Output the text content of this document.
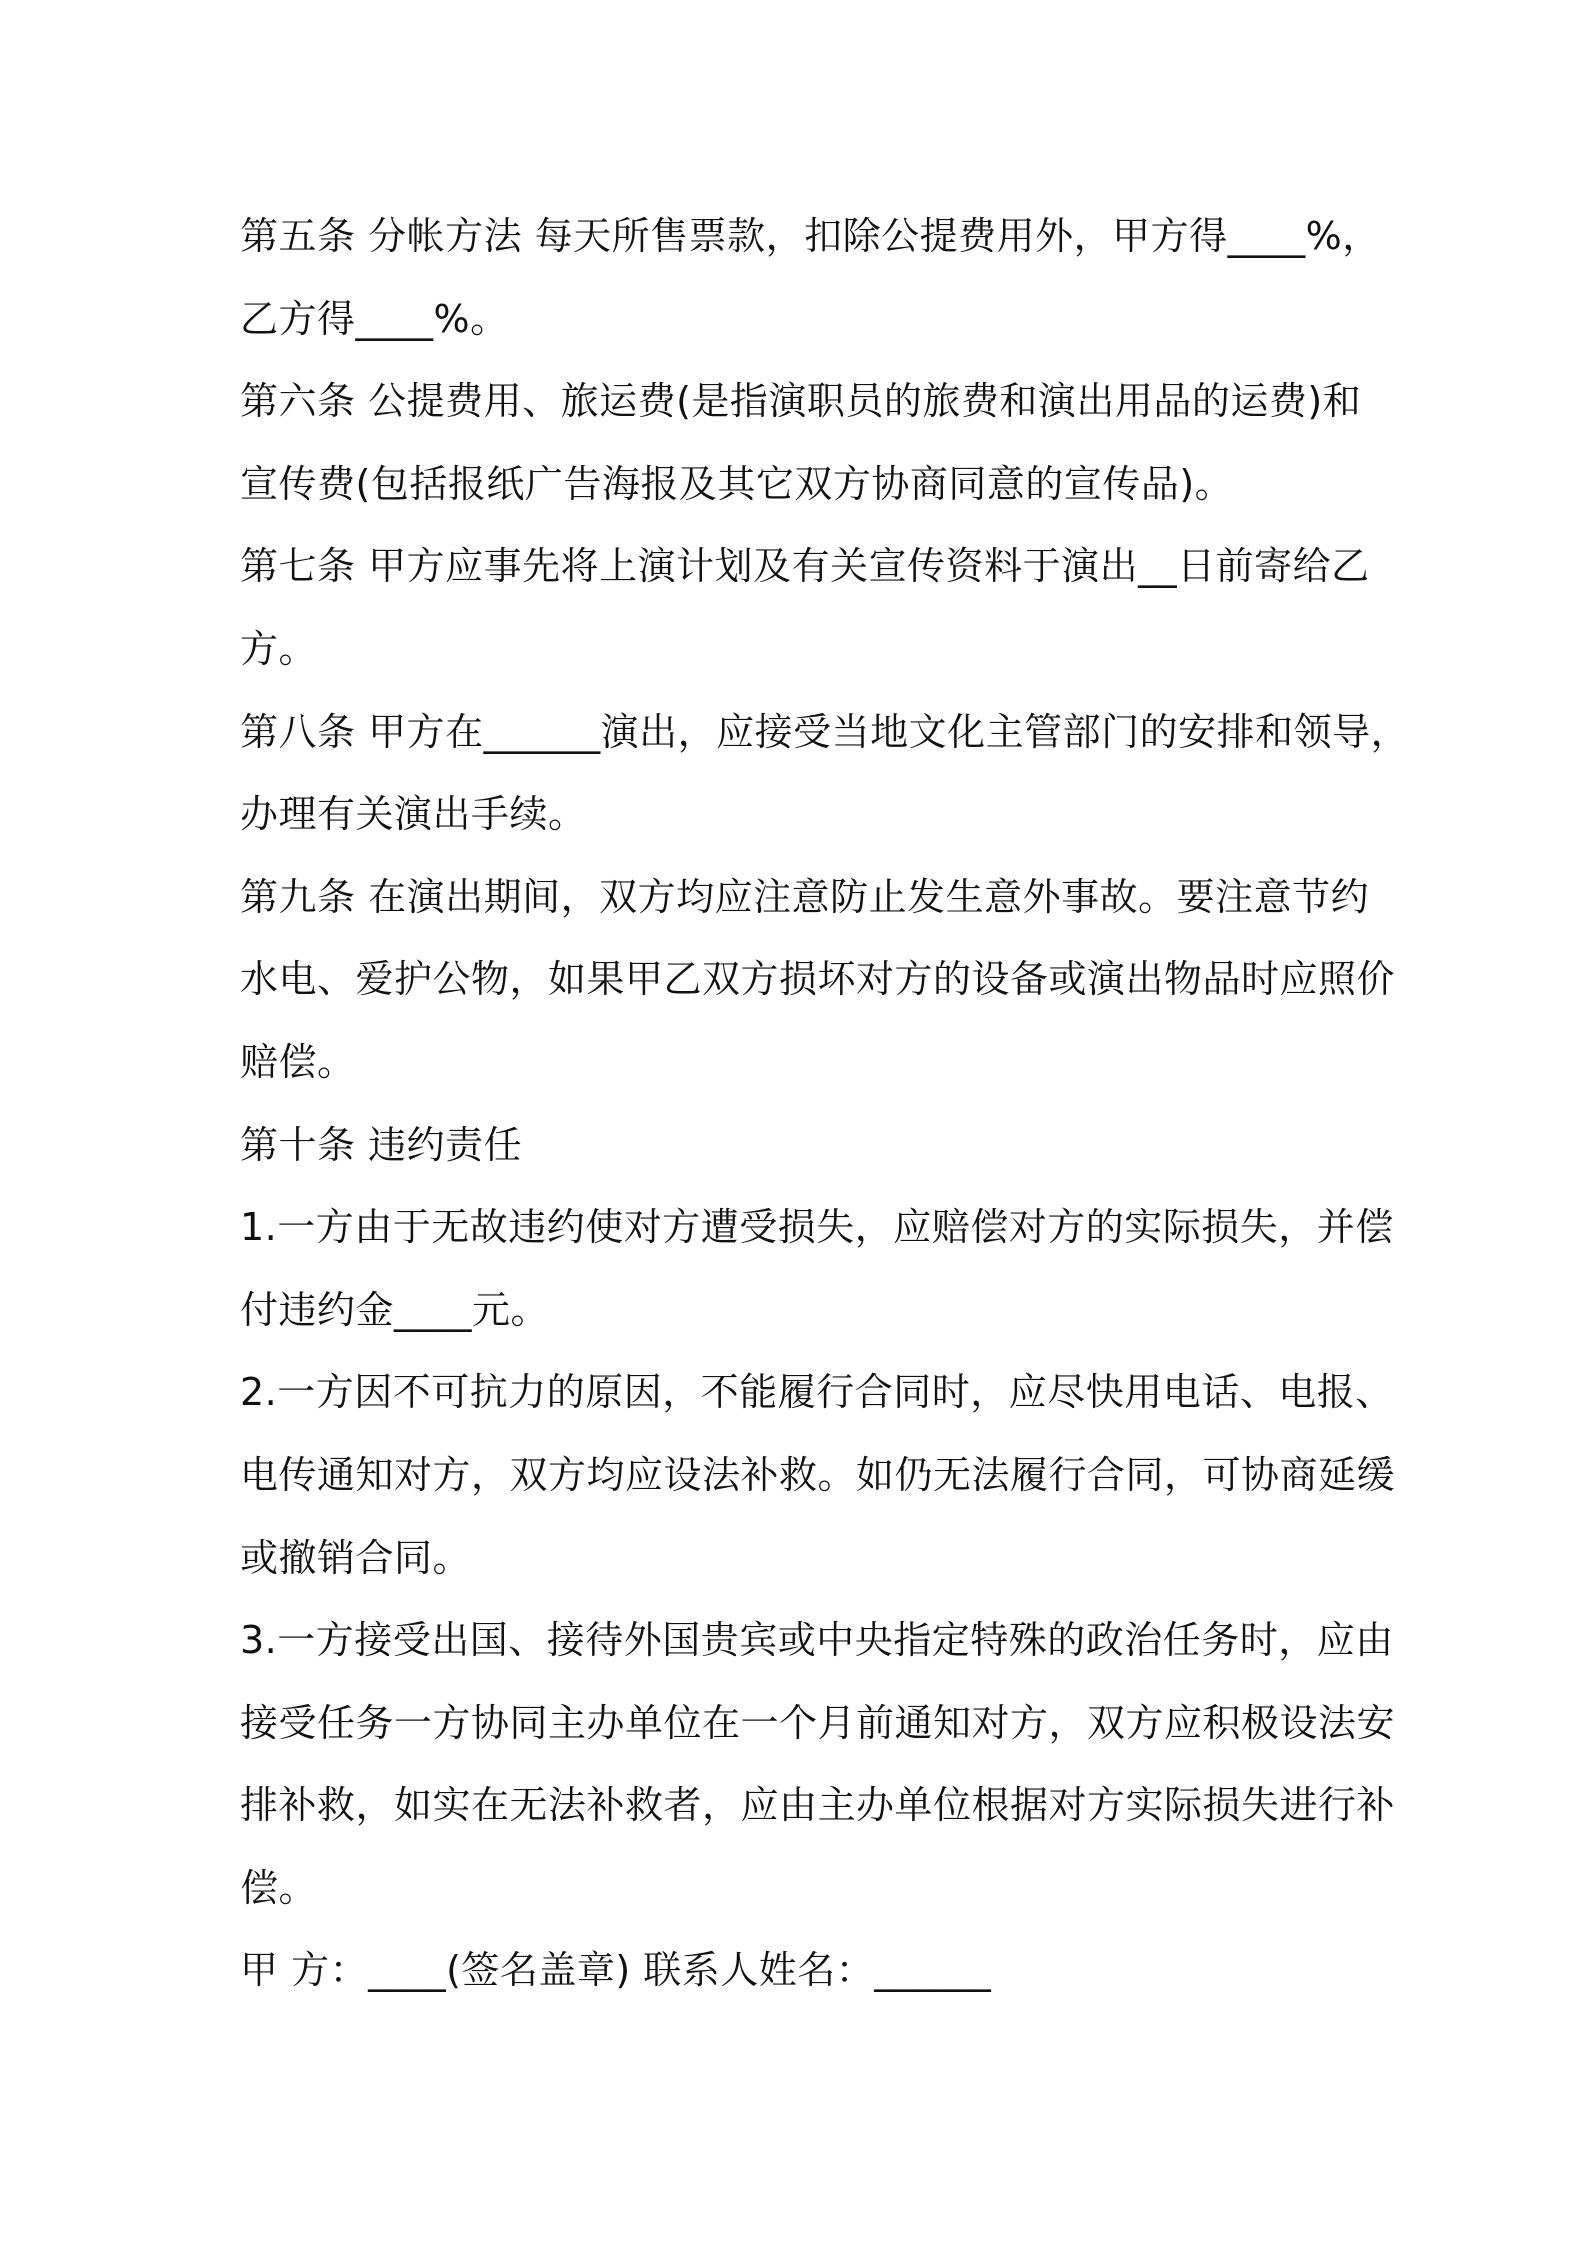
第五条 分帐方法 每天所售票款，扣除公提费用外，甲方得____%，
乙方得____%。
第六条 公提费用、旅运费(是指演职员的旅费和演出用品的运费)和
宣传费(包括报纸广告海报及其它双方协商同意的宣传品)。
第七条 甲方应事先将上演计划及有关宣传资料于演出__日前寄给乙
方。
第八条 甲方在______演出，应接受当地文化主管部门的安排和领导，
办理有关演出手续。
第九条 在演出期间，双方均应注意防止发生意外事故。要注意节约
水电、爱护公物，如果甲乙双方损坏对方的设备或演出物品时应照价
赔偿。
第十条 违约责任
1.一方由于无故违约使对方遭受损失，应赔偿对方的实际损失，并偿
付违约金____元。
2.一方因不可抗力的原因，不能履行合同时，应尽快用电话、电报、
电传通知对方，双方均应设法补救。如仍无法履行合同，可协商延缓
或撤销合同。
3.一方接受出国、接待外国贵宾或中央指定特殊的政治任务时，应由
接受任务一方协同主办单位在一个月前通知对方，双方应积极设法安
排补救，如实在无法补救者，应由主办单位根据对方实际损失进行补
偿。
甲 方：____(签名盖章) 联系人姓名：______
